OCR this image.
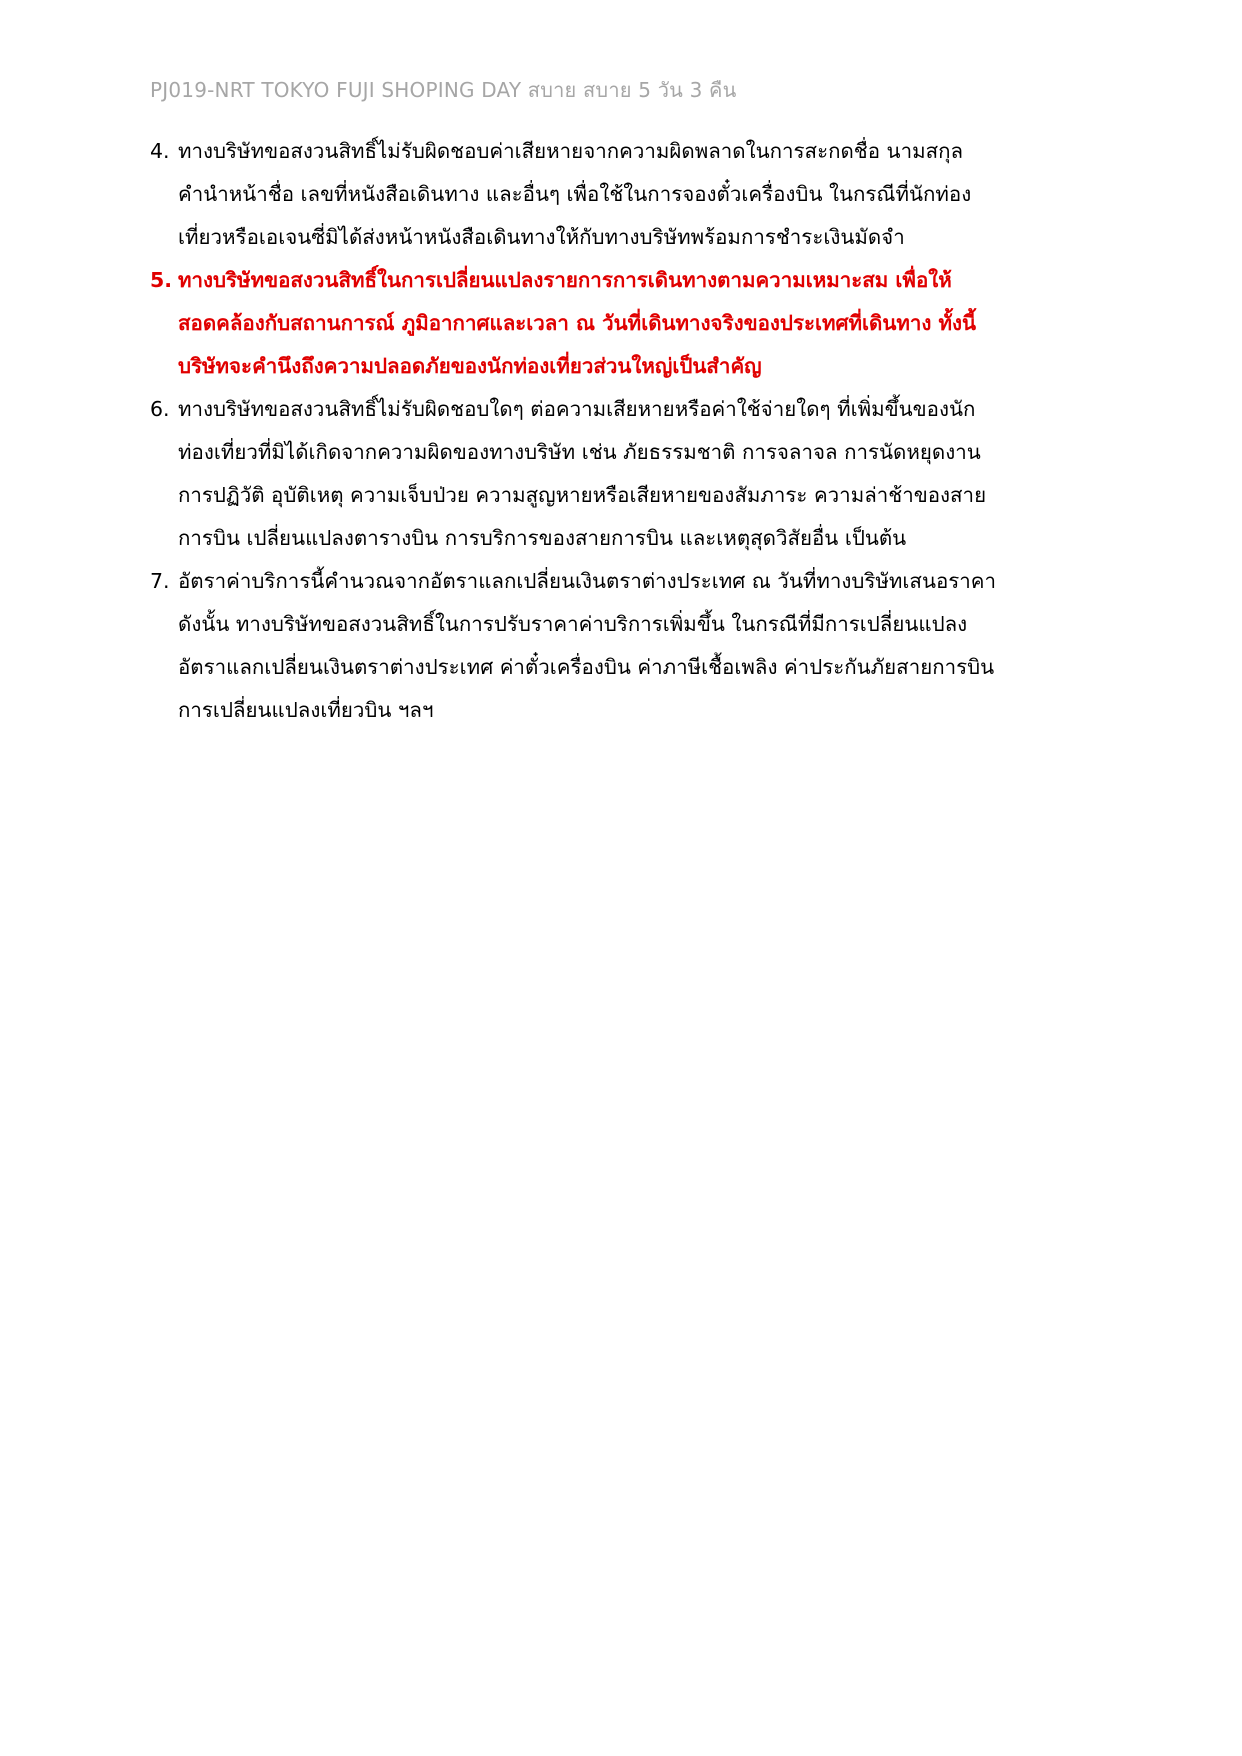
PJ019-NRT TOKYO FUJI SHOPING DAY สบาย สบาย 5 วัน 3 คืน
4. ทางบริษัทขอสงวนสิทธิ์ไม่รับผิดชอบค่าเสียหายจากความผิดพลาดในการสะกดชื่อ นามสกุล
คำนำหน้าชื่อ เลขที่หนังสือเดินทาง และอื่นๆ เพื่อใช้ในการจองตั๋วเครื่องบิน ในกรณีที่นักท่อง
เที่ยวหรือเอเจนซี่มิได้ส่งหน้าหนังสือเดินทางให้กับทางบริษัทพร้อมการชำระเงินมัดจำ
5. ทางบริษัทขอสงวนสิทธิ์ในการเปลี่ยนแปลงรายการการเดินทางตามความเหมาะสม เพื่อให้
สอดคล้องกับสถานการณ์ ภูมิอากาศและเวลา ณ วันที่เดินทางจริงของประเทศที่เดินทาง ทั้งนี้
บริษัทจะคำนึงถึงความปลอดภัยของนักท่องเที่ยวส่วนใหญ่เป็นสำคัญ
6. ทางบริษัทขอสงวนสิทธิ์ไม่รับผิดชอบใดๆ ต่อความเสียหายหรือค่าใช้จ่ายใดๆ ที่เพิ่มขึ้นของนัก
ท่องเที่ยวที่มิได้เกิดจากความผิดของทางบริษัท เช่น ภัยธรรมชาติ การจลาจล การนัดหยุดงาน
การปฏิวัติ อุบัติเหตุ ความเจ็บป่วย ความสูญหายหรือเสียหายของสัมภาระ ความล่าช้าของสาย
การบิน เปลี่ยนแปลงตารางบิน การบริการของสายการบิน และเหตุสุดวิสัยอื่น เป็นต้น
7. อัตราค่าบริการนี้คำนวณจากอัตราแลกเปลี่ยนเงินตราต่างประเทศ ณ วันที่ทางบริษัทเสนอราคา
ดังนั้น ทางบริษัทขอสงวนสิทธิ์ในการปรับราคาค่าบริการเพิ่มขึ้น ในกรณีที่มีการเปลี่ยนแปลง
อัตราแลกเปลี่ยนเงินตราต่างประเทศ ค่าตั๋วเครื่องบิน ค่าภาษีเชื้อเพลิง ค่าประกันภัยสายการบิน
การเปลี่ยนแปลงเที่ยวบิน ฯลฯ
